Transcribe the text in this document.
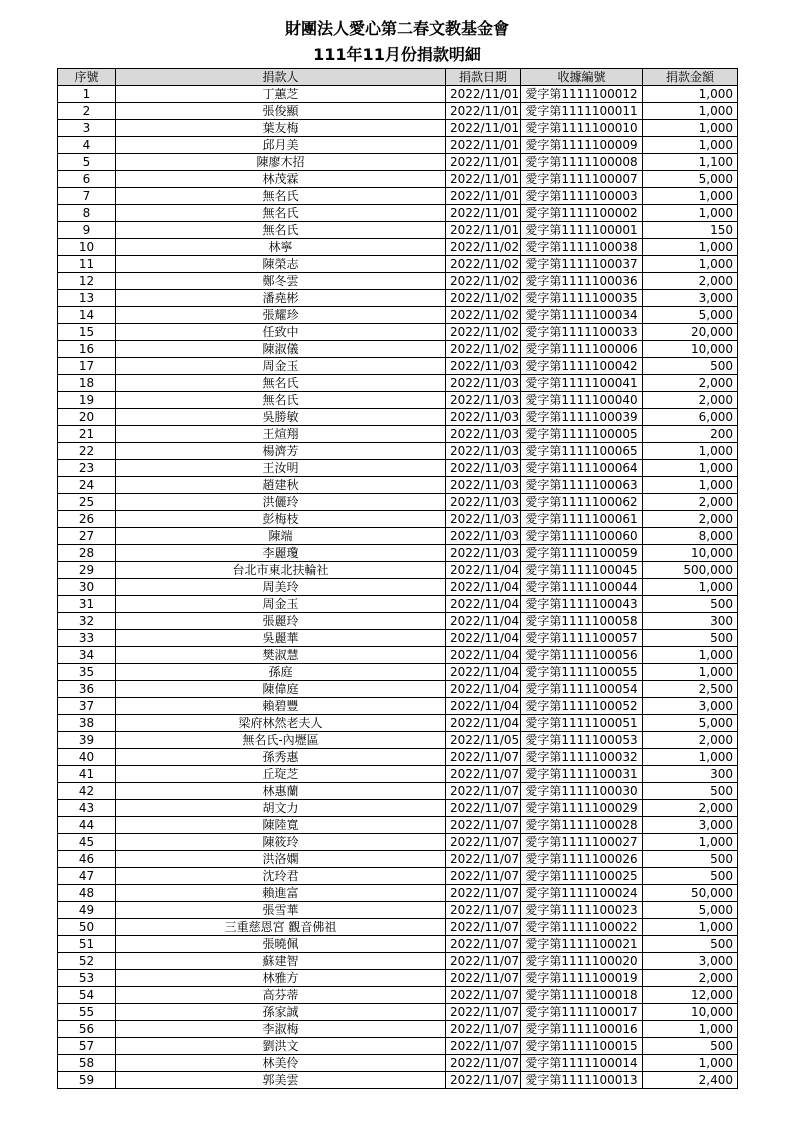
財團法人愛心第二春文教基金會
111年11月份捐款明細
序號	捐款人	捐款日期	收據編號	捐款金額
1	丁蕙芝	2022/11/01	愛字第1111100012	1,000
2	張俊顯	2022/11/01	愛字第1111100011	1,000
3	葉友梅	2022/11/01	愛字第1111100010	1,000
4	邱月美	2022/11/01	愛字第1111100009	1,000
5	陳廖木招	2022/11/01	愛字第1111100008	1,100
6	林茂霖	2022/11/01	愛字第1111100007	5,000
7	無名氏	2022/11/01	愛字第1111100003	1,000
8	無名氏	2022/11/01	愛字第1111100002	1,000
9	無名氏	2022/11/01	愛字第1111100001	150
10	林寧	2022/11/02	愛字第1111100038	1,000
11	陳榮志	2022/11/02	愛字第1111100037	1,000
12	鄭冬雲	2022/11/02	愛字第1111100036	2,000
13	潘堯彬	2022/11/02	愛字第1111100035	3,000
14	張耀珍	2022/11/02	愛字第1111100034	5,000
15	任致中	2022/11/02	愛字第1111100033	20,000
16	陳淑儀	2022/11/02	愛字第1111100006	10,000
17	周金玉	2022/11/03	愛字第1111100042	500
18	無名氏	2022/11/03	愛字第1111100041	2,000
19	無名氏	2022/11/03	愛字第1111100040	2,000
20	吳勝敏	2022/11/03	愛字第1111100039	6,000
21	王煊翔	2022/11/03	愛字第1111100005	200
22	楊濟芳	2022/11/03	愛字第1111100065	1,000
23	王汝明	2022/11/03	愛字第1111100064	1,000
24	趙建秋	2022/11/03	愛字第1111100063	1,000
25	洪儷玲	2022/11/03	愛字第1111100062	2,000
26	彭梅枝	2022/11/03	愛字第1111100061	2,000
27	陳端	2022/11/03	愛字第1111100060	8,000
28	李麗瓊	2022/11/03	愛字第1111100059	10,000
29	台北市東北扶輪社	2022/11/04	愛字第1111100045	500,000
30	周美玲	2022/11/04	愛字第1111100044	1,000
31	周金玉	2022/11/04	愛字第1111100043	500
32	張麗玲	2022/11/04	愛字第1111100058	300
33	吳麗華	2022/11/04	愛字第1111100057	500
34	樊淑慧	2022/11/04	愛字第1111100056	1,000
35	孫庭	2022/11/04	愛字第1111100055	1,000
36	陳偉庭	2022/11/04	愛字第1111100054	2,500
37	賴碧豐	2022/11/04	愛字第1111100052	3,000
38	梁府林然老夫人	2022/11/04	愛字第1111100051	5,000
39	無名氏-內壢區	2022/11/05	愛字第1111100053	2,000
40	孫秀惠	2022/11/07	愛字第1111100032	1,000
41	丘琁芝	2022/11/07	愛字第1111100031	300
42	林惠蘭	2022/11/07	愛字第1111100030	500
43	胡文力	2022/11/07	愛字第1111100029	2,000
44	陳陸寬	2022/11/07	愛字第1111100028	3,000
45	陳筱玲	2022/11/07	愛字第1111100027	1,000
46	洪洛嫻	2022/11/07	愛字第1111100026	500
47	沈玲君	2022/11/07	愛字第1111100025	500
48	賴進富	2022/11/07	愛字第1111100024	50,000
49	張雪華	2022/11/07	愛字第1111100023	5,000
50	三重慈恩宮 觀音佛祖	2022/11/07	愛字第1111100022	1,000
51	張曉佩	2022/11/07	愛字第1111100021	500
52	蘇建智	2022/11/07	愛字第1111100020	3,000
53	林雅方	2022/11/07	愛字第1111100019	2,000
54	高芬蒂	2022/11/07	愛字第1111100018	12,000
55	孫家誠	2022/11/07	愛字第1111100017	10,000
56	李淑梅	2022/11/07	愛字第1111100016	1,000
57	劉洪文	2022/11/07	愛字第1111100015	500
58	林美伶	2022/11/07	愛字第1111100014	1,000
59	郭美雲	2022/11/07	愛字第1111100013	2,400
